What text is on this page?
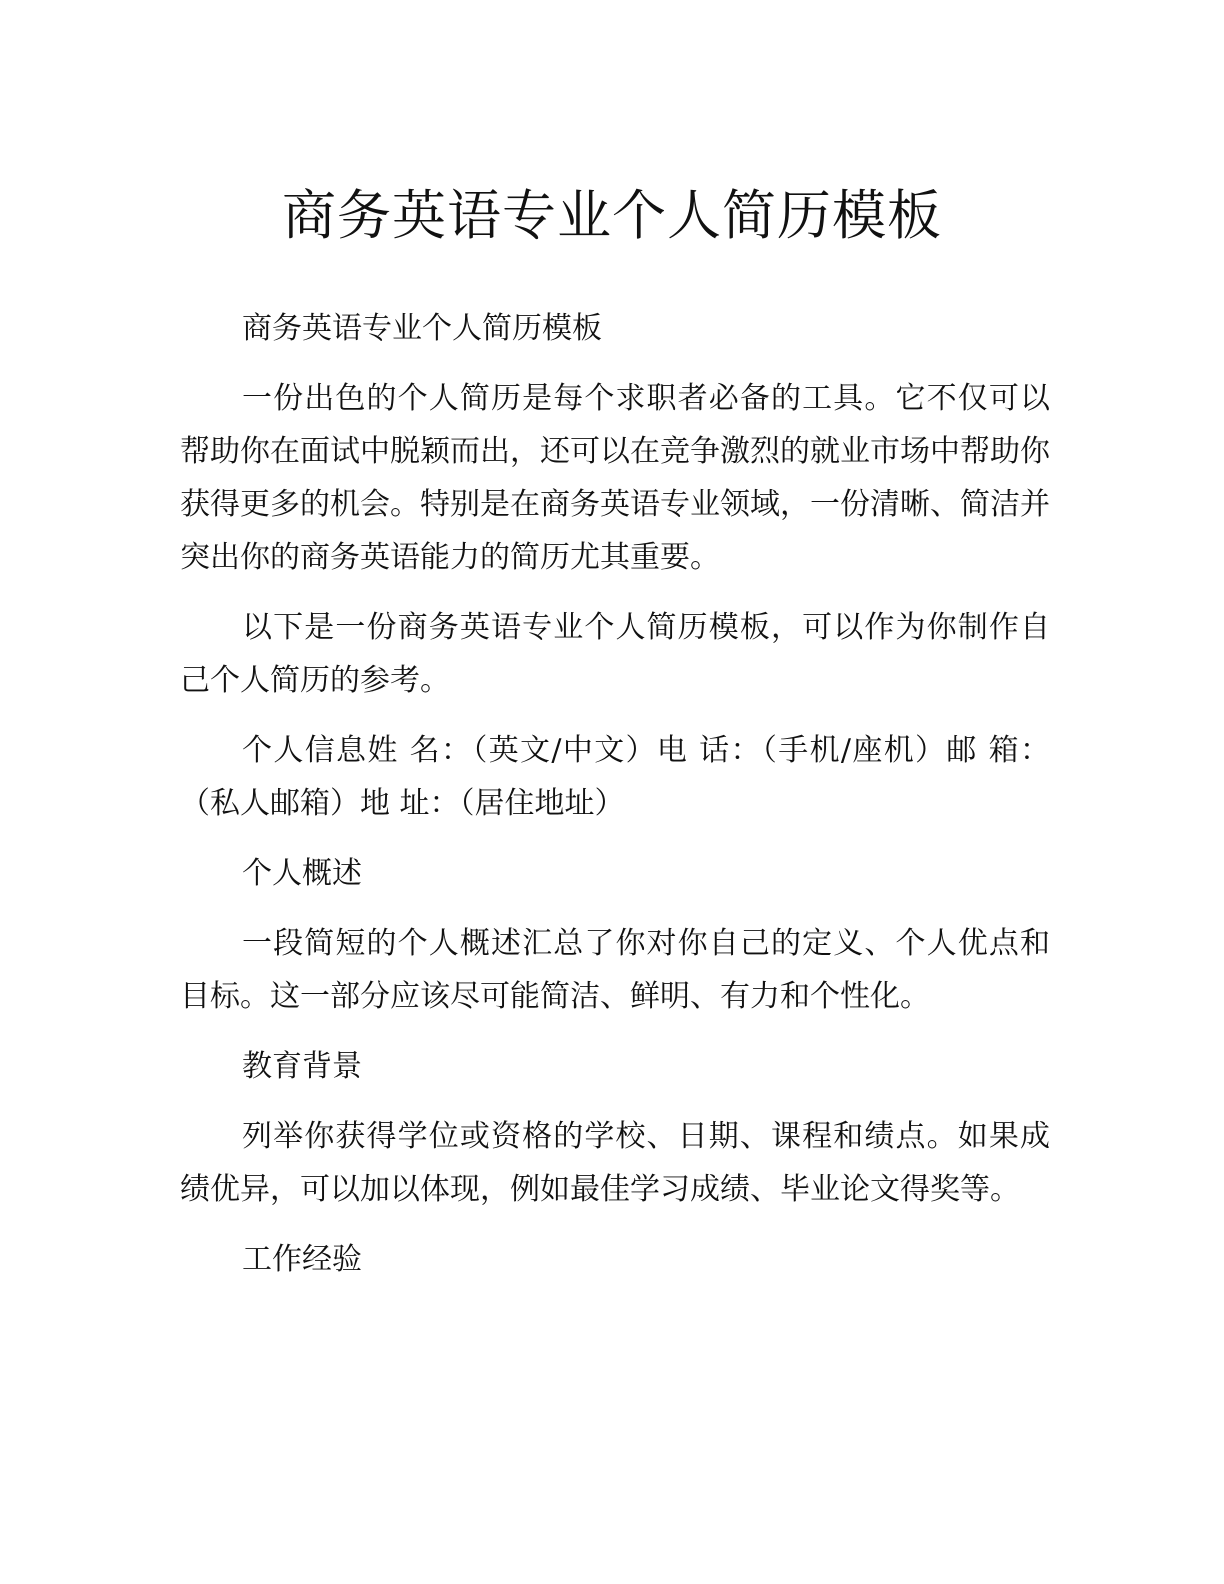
商务英语专业个人简历模板

商务英语专业个人简历模板

一份出色的个人简历是每个求职者必备的工具。它不仅可以帮助你在面试中脱颖而出，还可以在竞争激烈的就业市场中帮助你获得更多的机会。特别是在商务英语专业领域，一份清晰、简洁并突出你的商务英语能力的简历尤其重要。

以下是一份商务英语专业个人简历模板，可以作为你制作自己个人简历的参考。

个人信息姓 名：（英文/中文）电 话：（手机/座机）邮 箱：（私人邮箱）地 址：（居住地址）

个人概述

一段简短的个人概述汇总了你对你自己的定义、个人优点和目标。这一部分应该尽可能简洁、鲜明、有力和个性化。

教育背景

列举你获得学位或资格的学校、日期、课程和绩点。如果成绩优异，可以加以体现，例如最佳学习成绩、毕业论文得奖等。

工作经验
